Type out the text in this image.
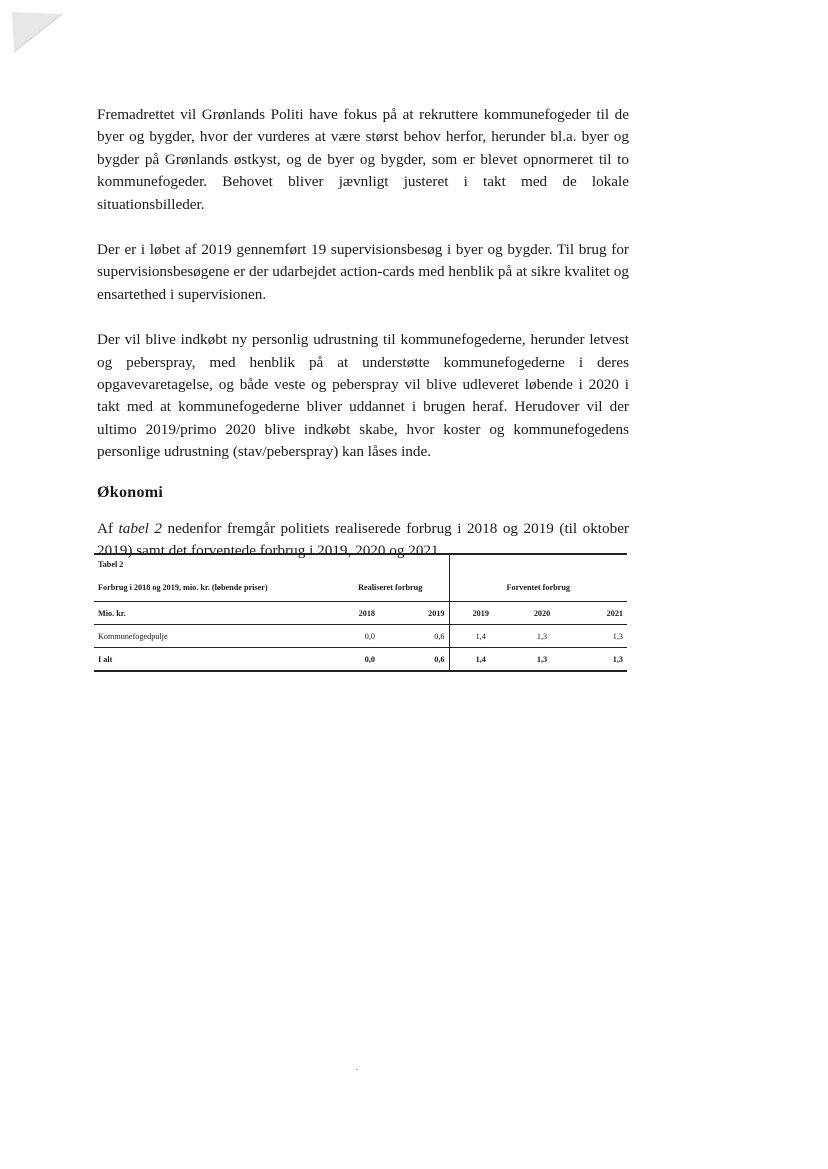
Fremadrettet vil Grønlands Politi have fokus på at rekruttere kommunefogeder til de byer og bygder, hvor der vurderes at være størst behov herfor, herunder bl.a. byer og bygder på Grønlands østkyst, og de byer og bygder, som er blevet opnormeret til to kommunefogeder. Behovet bliver jævnligt justeret i takt med de lokale situationsbilleder.

Der er i løbet af 2019 gennemført 19 supervisionsbesøg i byer og bygder. Til brug for supervisionsbesøgene er der udarbejdet action-cards med henblik på at sikre kvalitet og ensartethed i supervisionen.

Der vil blive indkøbt ny personlig udrustning til kommunefogederne, herunder letvest og peberspray, med henblik på at understøtte kommunefogederne i deres opgavevaretagelse, og både veste og peberspray vil blive udleveret løbende i 2020 i takt med at kommunefogederne bliver uddannet i brugen heraf. Herudover vil der ultimo 2019/primo 2020 blive indkøbt skabe, hvor koster og kommunefogedens personlige udrustning (stav/peberspray) kan låses inde.

Økonomi

Af tabel 2 nedenfor fremgår politiets realiserede forbrug i 2018 og 2019 (til oktober 2019) samt det forventede forbrug i 2019, 2020 og 2021.

Tabel 2					
Forbrug i 2018 og 2019, mio. kr. (løbende priser)	Realiseret forbrug		Forventet forbrug		
Mio. kr.	2018	2019	2019	2020	2021
Kommunefogedpulje	0,0	0,6	1,4	1,3	1,3
I alt	0,0	0,6	1,4	1,3	1,3
